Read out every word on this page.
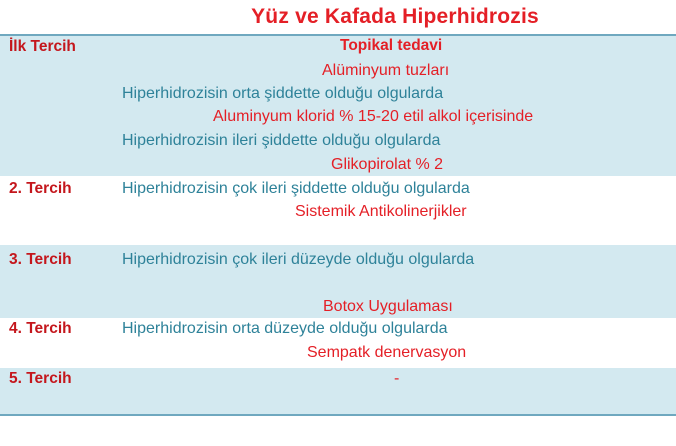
Yüz ve Kafada Hiperhidrozis
İlk Tercih	Topikal tedavi
Alüminyum tuzları
Hiperhidrozisin orta şiddette olduğu olgularda
Aluminyum klorid % 15-20 etil alkol içerisinde
Hiperhidrozisin ileri şiddette olduğu olgularda
Glikopirolat % 2
2. Tercih	Hiperhidrozisin çok ileri şiddette olduğu olgularda
Sistemik Antikolinerjikler
3. Tercih	Hiperhidrozisin çok ileri düzeyde olduğu olgularda
Botox Uygulaması
4. Tercih	Hiperhidrozisin orta düzeyde olduğu olgularda
Sempatk denervasyon
5. Tercih	-
